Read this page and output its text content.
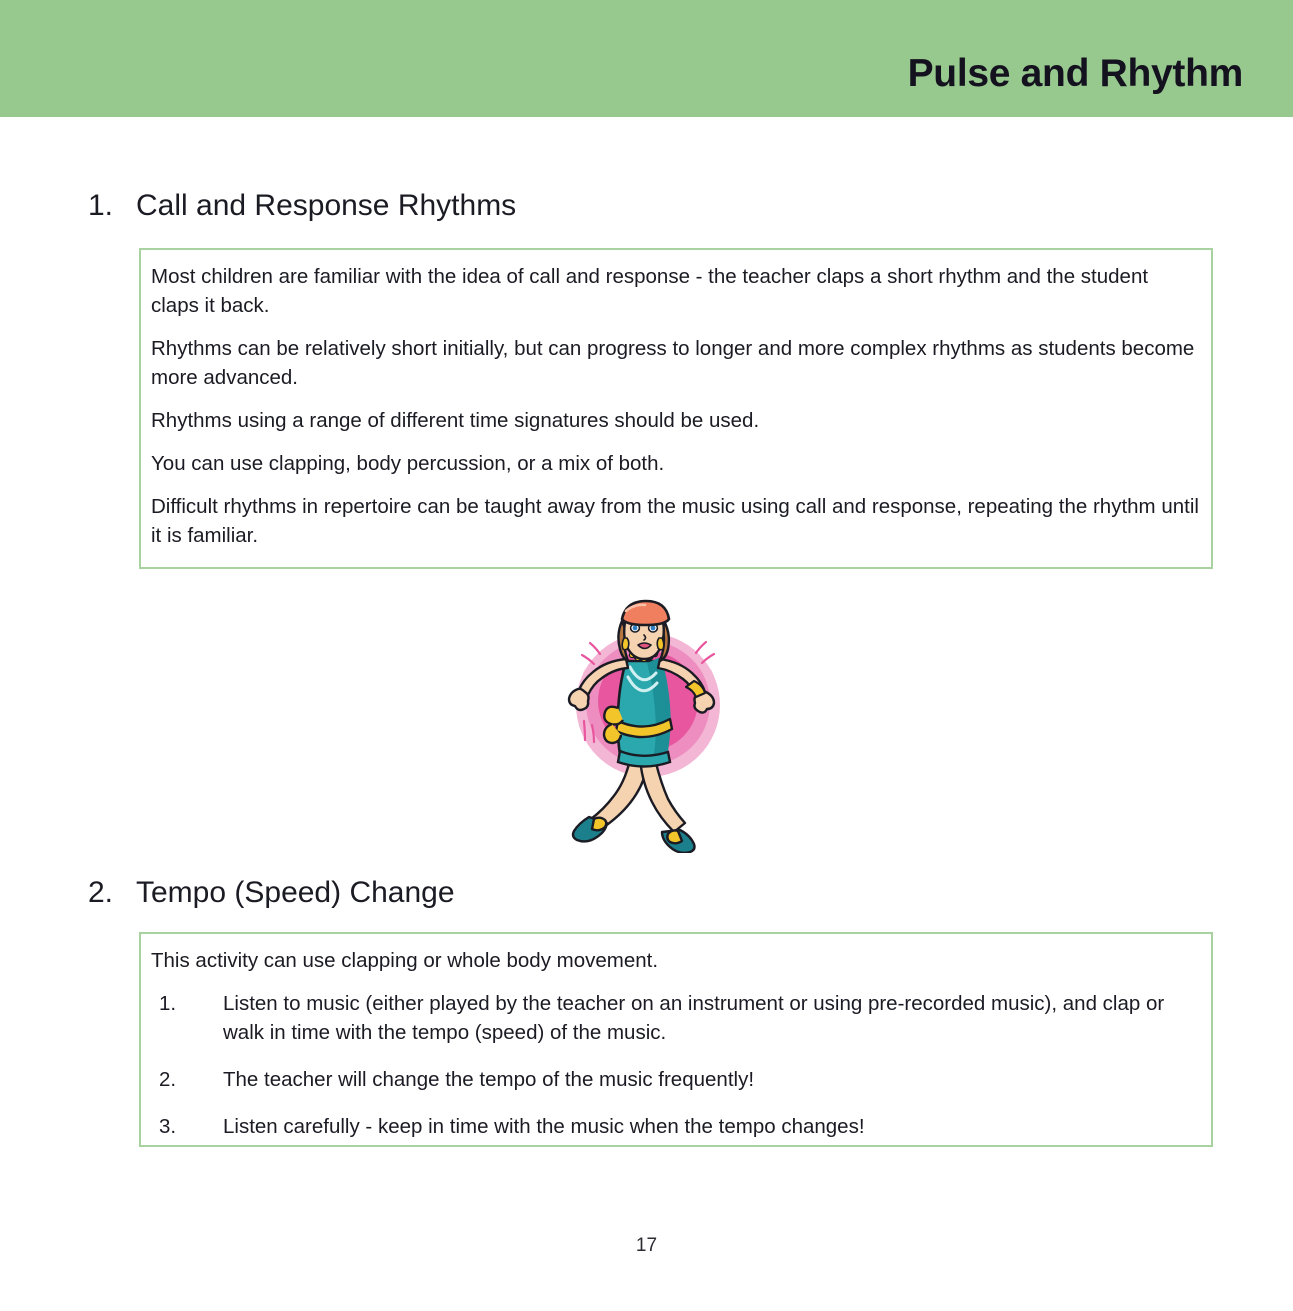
Pulse and Rhythm
1. Call and Response Rhythms

Most children are familiar with the idea of call and response - the teacher claps a short rhythm and the student claps it back.

Rhythms can be relatively short initially, but can progress to longer and more complex rhythms as students become more advanced.

Rhythms using a range of different time signatures should be used.

You can use clapping, body percussion, or a mix of both.

Difficult rhythms in repertoire can be taught away from the music using call and response, repeating the rhythm until it is familiar.

2. Tempo (Speed) Change

This activity can use clapping or whole body movement.

1.	Listen to music (either played by the teacher on an instrument or using pre-recorded music), and clap or walk in time with the tempo (speed) of the music.
2.	The teacher will change the tempo of the music frequently!
3.	Listen carefully - keep in time with the music when the tempo changes!
17
